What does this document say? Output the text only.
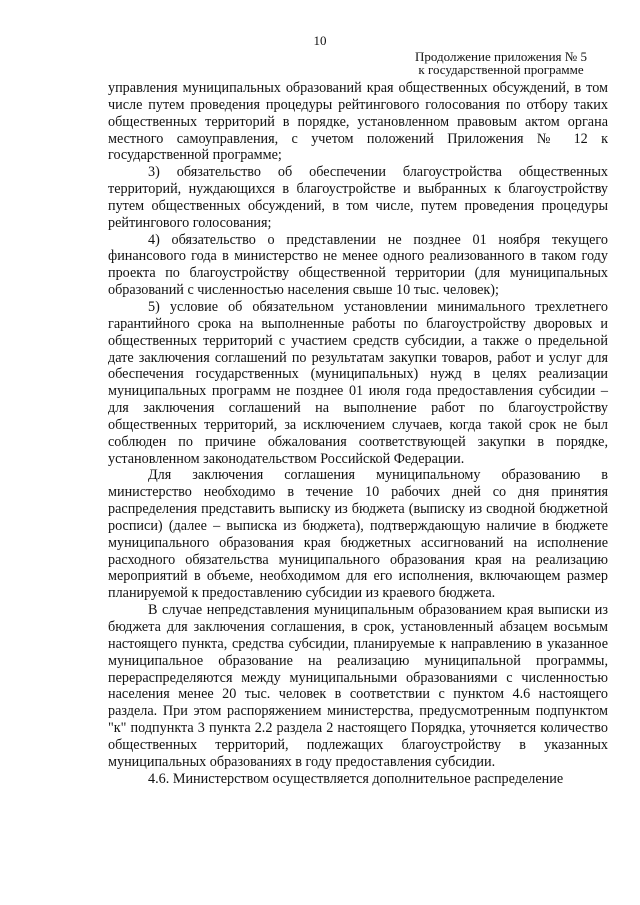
10
Продолжение приложения № 5
к государственной программе

управления муниципальных образований края общественных обсуждений, в том числе путем проведения процедуры рейтингового голосования по отбору таких общественных территорий в порядке, установленном правовым актом органа местного самоуправления, с учетом положений Приложения № 12 к государственной программе;

3) обязательство об обеспечении благоустройства общественных территорий, нуждающихся в благоустройстве и выбранных к благоустройству путем общественных обсуждений, в том числе, путем проведения процедуры рейтингового голосования;

4) обязательство о представлении не позднее 01 ноября текущего финансового года в министерство не менее одного реализованного в таком году проекта по благоустройству общественной территории (для муниципальных образований с численностью населения свыше 10 тыс. человек);

5) условие об обязательном установлении минимального трехлетнего гарантийного срока на выполненные работы по благоустройству дворовых и общественных территорий с участием средств субсидии, а также о предельной дате заключения соглашений по результатам закупки товаров, работ и услуг для обеспечения государственных (муниципальных) нужд в целях реализации муниципальных программ не позднее 01 июля года предоставления субсидии – для заключения соглашений на выполнение работ по благоустройству общественных территорий, за исключением случаев, когда такой срок не был соблюден по причине обжалования соответствующей закупки в порядке, установленном законодательством Российской Федерации.

Для заключения соглашения муниципальному образованию в министерство необходимо в течение 10 рабочих дней со дня принятия распределения представить выписку из бюджета (выписку из сводной бюджетной росписи) (далее – выписка из бюджета), подтверждающую наличие в бюджете муниципального образования края бюджетных ассигнований на исполнение расходного обязательства муниципального образования края на реализацию мероприятий в объеме, необходимом для его исполнения, включающем размер планируемой к предоставлению субсидии из краевого бюджета.

В случае непредставления муниципальным образованием края выписки из бюджета для заключения соглашения, в срок, установленный абзацем восьмым настоящего пункта, средства субсидии, планируемые к направлению в указанное муниципальное образование на реализацию муниципальной программы, перераспределяются между муниципальными образованиями с численностью населения менее 20 тыс. человек в соответствии с пунктом 4.6 настоящего раздела. При этом распоряжением министерства, предусмотренным подпунктом "к" подпункта 3 пункта 2.2 раздела 2 настоящего Порядка, уточняется количество общественных территорий, подлежащих благоустройству в указанных муниципальных образованиях в году предоставления субсидии.

4.6. Министерством осуществляется дополнительное распределение
